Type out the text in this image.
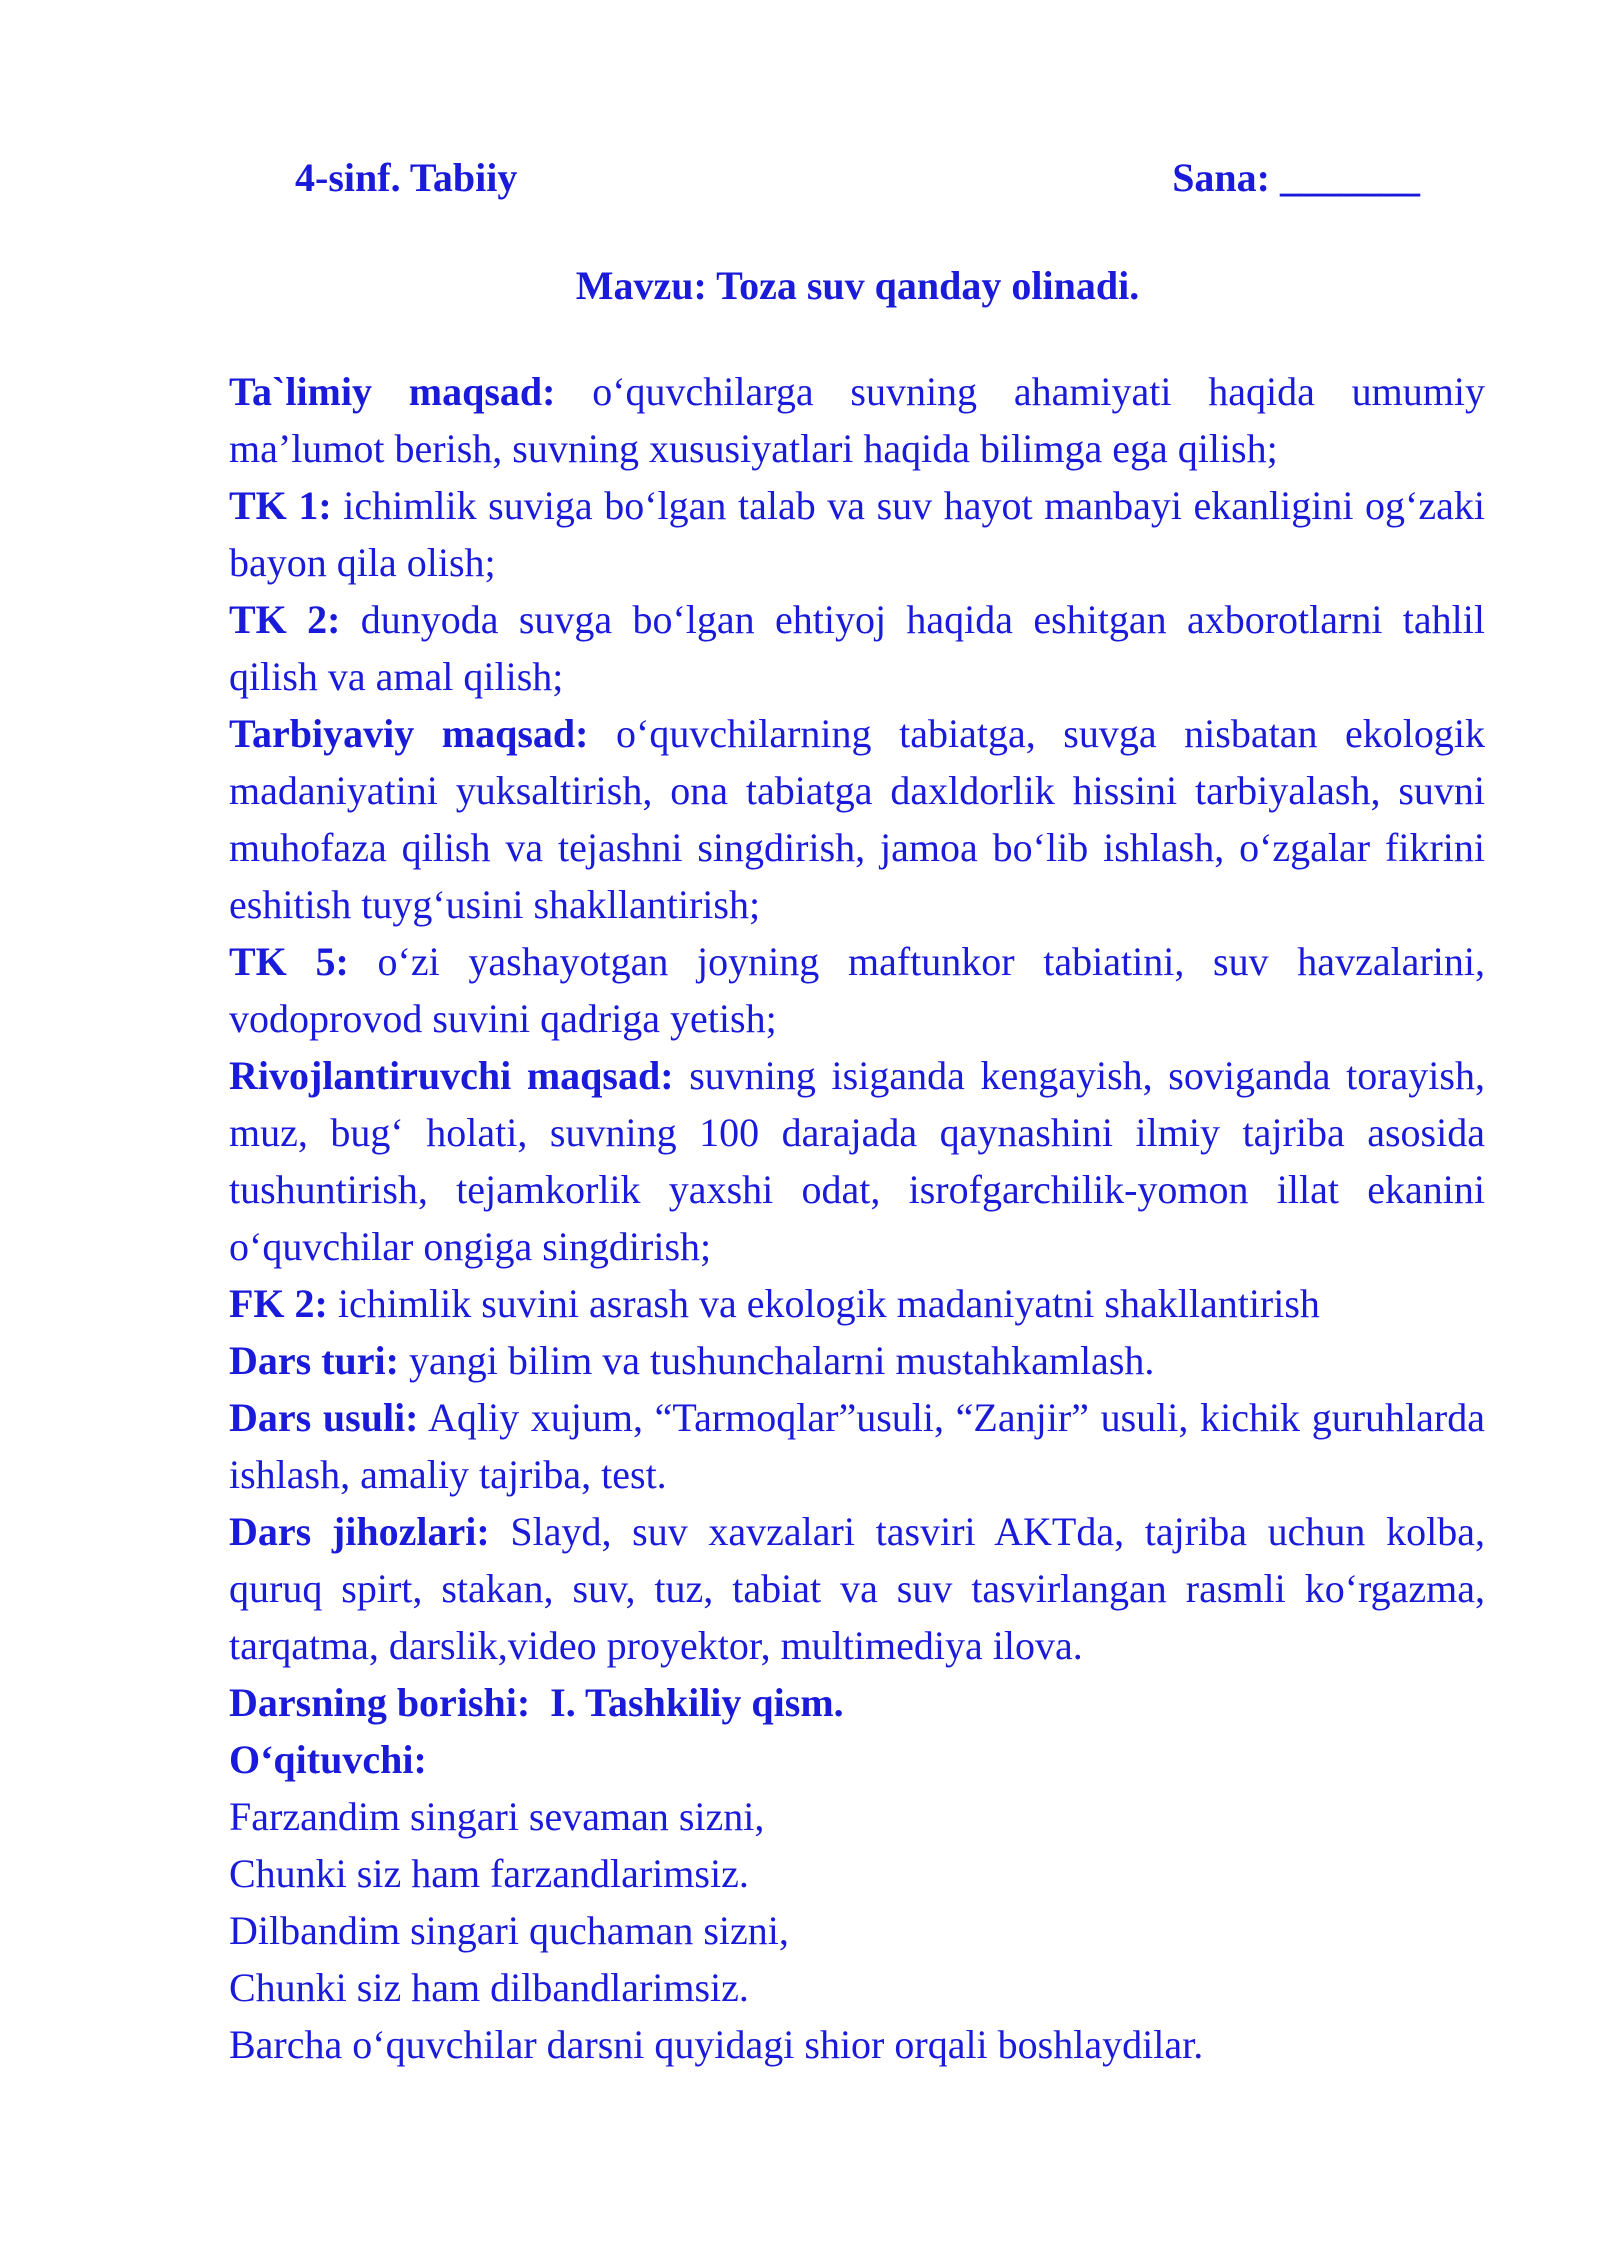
4-sinf. Tabiiy	Sana: _______
Mavzu: Toza suv qanday olinadi.

Ta`limiy maqsad: o‘quvchilarga suvning ahamiyati haqida umumiy ma’lumot berish, suvning xususiyatlari haqida bilimga ega qilish;

TK 1: ichimlik suviga bo‘lgan talab va suv hayot manbayi ekanligini og‘zaki bayon qila olish;

TK 2: dunyoda suvga bo‘lgan ehtiyoj haqida eshitgan axborotlarni tahlil qilish va amal qilish;

Tarbiyaviy maqsad: o‘quvchilarning tabiatga, suvga nisbatan ekologik madaniyatini yuksaltirish, ona tabiatga daxldorlik hissini tarbiyalash, suvni muhofaza qilish va tejashni singdirish, jamoa bo‘lib ishlash, o‘zgalar fikrini eshitish tuyg‘usini shakllantirish;

TK 5: o‘zi yashayotgan joyning maftunkor tabiatini, suv havzalarini, vodoprovod suvini qadriga yetish;

Rivojlantiruvchi maqsad: suvning isiganda kengayish, soviganda torayish, muz, bug‘ holati, suvning 100 darajada qaynashini ilmiy tajriba asosida tushuntirish, tejamkorlik yaxshi odat, isrofgarchilik-yomon illat ekanini o‘quvchilar ongiga singdirish;

FK 2: ichimlik suvini asrash va ekologik madaniyatni shakllantirish

Dars turi: yangi bilim va tushunchalarni mustahkamlash.

Dars usuli: Aqliy xujum, “Tarmoqlar”usuli, “Zanjir” usuli, kichik guruhlarda ishlash, amaliy tajriba, test.

Dars jihozlari: Slayd, suv xavzalari tasviri AKTda, tajriba uchun kolba, quruq spirt, stakan, suv, tuz, tabiat va suv tasvirlangan rasmli ko‘rgazma, tarqatma, darslik,video proyektor, multimediya ilova.

Darsning borishi: I. Tashkiliy qism.

O‘qituvchi:

Farzandim singari sevaman sizni,

Chunki siz ham farzandlarimsiz.

Dilbandim singari quchaman sizni,

Chunki siz ham dilbandlarimsiz.

Barcha o‘quvchilar darsni quyidagi shior orqali boshlaydilar.
